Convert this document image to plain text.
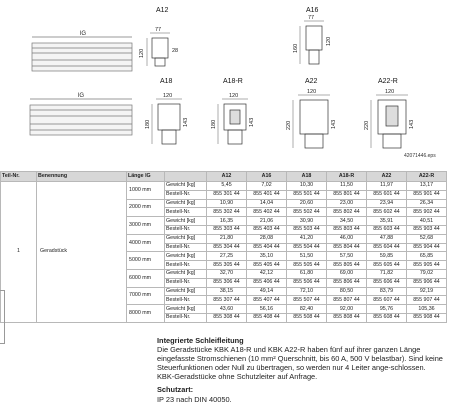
lG
77
120	28
77
160
120
lG	120
180	143
120
180	143
120
220	143
120
220	143
A12	A16
A18	A18-R	A22	A22-R
42071446.eps
Teil-Nr.	Benennung	Länge lG		A12	A16	A18	A18-R	A22	A22-R
1	Geradstück	1000 mm	Gewicht [kg]	5,45	7,02	10,30	11,50	11,97	13,17
			Bestell-Nr.	855 301 44	855 401 44	855 501 44	855 801 44	855 601 44	855 901 44
		2000 mm	Gewicht [kg]	10,90	14,04	20,60	23,00	23,94	26,34
			Bestell-Nr.	855 302 44	855 402 44	855 502 44	855 802 44	855 602 44	855 902 44
		3000 mm	Gewicht [kg]	16,35	21,06	30,90	34,50	35,91	40,51
			Bestell-Nr.	855 303 44	855 403 44	855 503 44	855 803 44	855 603 44	855 903 44
		4000 mm	Gewicht [kg]	21,80	28,08	41,20	46,00	47,88	52,68
			Bestell-Nr.	855 304 44	855 404 44	855 504 44	855 804 44	855 604 44	855 904 44
		5000 mm	Gewicht [kg]	27,25	35,10	51,50	57,50	59,85	65,85
			Bestell-Nr.	855 305 44	855 405 44	855 505 44	855 805 44	855 605 44	855 905 44
		6000 mm	Gewicht [kg]	32,70	42,12	61,80	69,00	71,82	79,02
			Bestell-Nr.	855 306 44	855 406 44	855 506 44	855 806 44	855 606 44	855 906 44
		7000 mm	Gewicht [kg]	38,15	49,14	72,10	80,50	83,79	92,19
			Bestell-Nr.	855 307 44	855 407 44	855 507 44	855 807 44	855 607 44	855 907 44
		8000 mm	Gewicht [kg]	43,60	56,16	82,40	92,00	95,76	105,36
			Bestell-Nr.	855 308 44	855 408 44	855 508 44	855 808 44	855 608 44	855 908 44

Integrierte Schleifleitung

Die Geradstücke KBK A18-R und KBK A22-R haben fünf auf ihrer ganzen Länge eingefasste Stromschienen (10 mm² Querschnitt, bis 60 A, 500 V belastbar). Sind keine Steuerfunktionen oder Null zu übertragen, so werden nur 4 Leiter ange-schlossen.

KBK-Geradstücke ohne Schutzleiter auf Anfrage.

Schutzart:

IP 23 nach DIN 40050.
